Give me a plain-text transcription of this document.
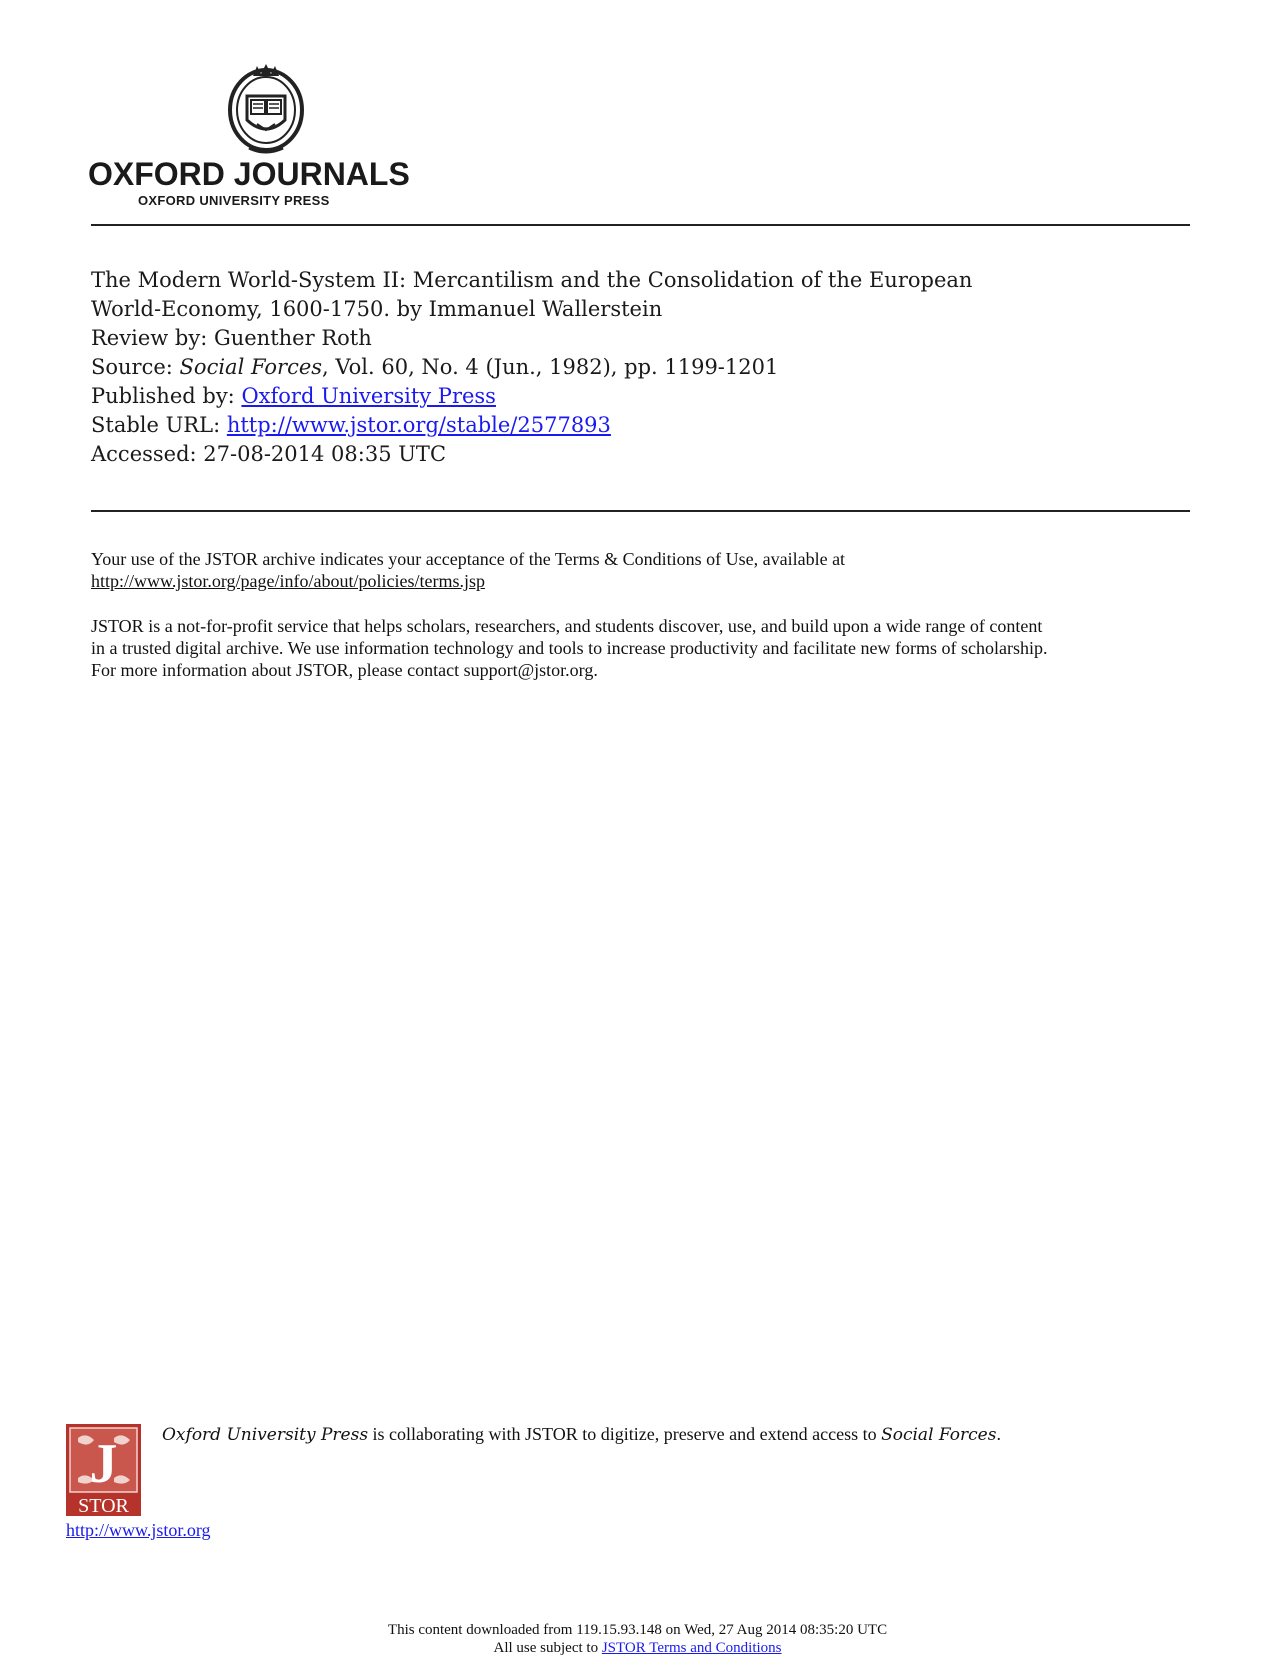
OXFORD JOURNALS
OXFORD UNIVERSITY PRESS
The Modern World-System II: Mercantilism and the Consolidation of the European
World-Economy, 1600-1750. by Immanuel Wallerstein
Review by: Guenther Roth
Source: Social Forces, Vol. 60, No. 4 (Jun., 1982), pp. 1199-1201
Published by: Oxford University Press
Stable URL: http://www.jstor.org/stable/2577893
Accessed: 27-08-2014 08:35 UTC
Your use of the JSTOR archive indicates your acceptance of the Terms & Conditions of Use, available at
http://www.jstor.org/page/info/about/policies/terms.jsp
JSTOR is a not-for-profit service that helps scholars, researchers, and students discover, use, and build upon a wide range of content
in a trusted digital archive. We use information technology and tools to increase productivity and facilitate new forms of scholarship.
For more information about JSTOR, please contact support@jstor.org.
J
STOR
Oxford University Press is collaborating with JSTOR to digitize, preserve and extend access to Social Forces.
http://www.jstor.org
This content downloaded from 119.15.93.148 on Wed, 27 Aug 2014 08:35:20 UTC
All use subject to JSTOR Terms and Conditions
